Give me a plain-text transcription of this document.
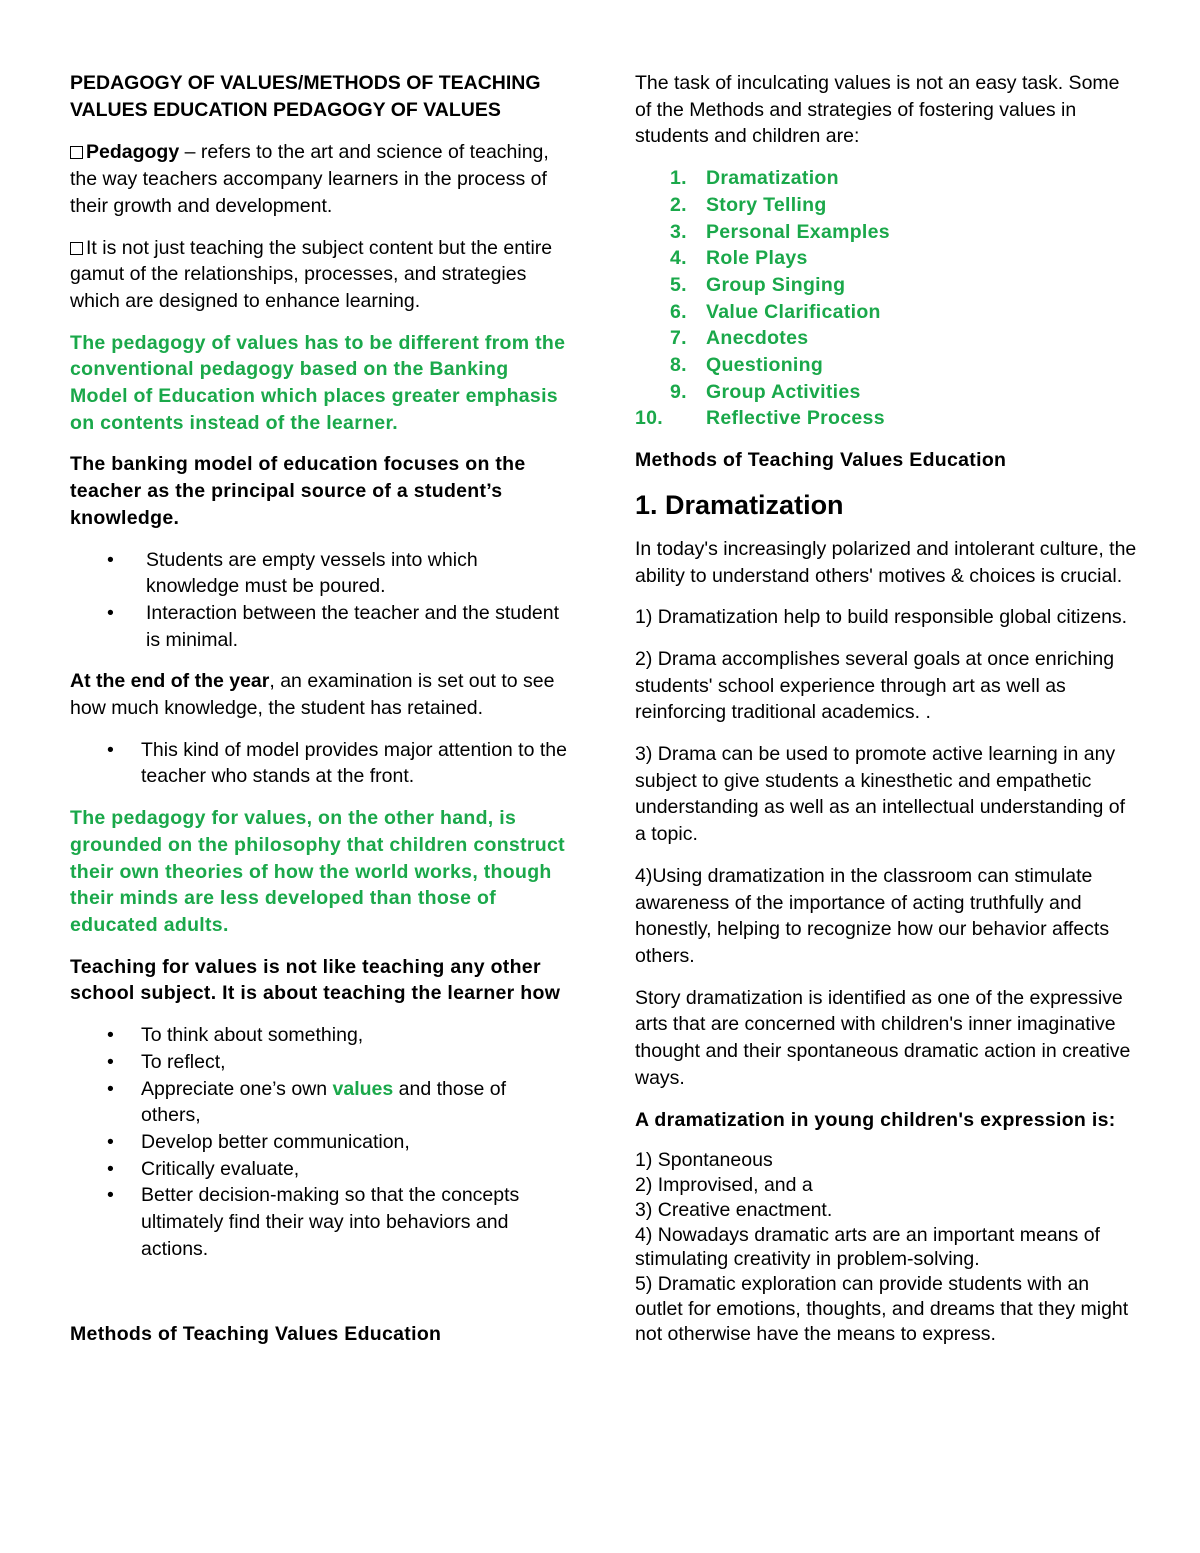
PEDAGOGY OF VALUES/METHODS OF TEACHING VALUES EDUCATION PEDAGOGY OF VALUES

Pedagogy – refers to the art and science of teaching, the way teachers accompany learners in the process of their growth and development.

It is not just teaching the subject content but the entire gamut of the relationships, processes, and strategies which are designed to enhance learning.

The pedagogy of values has to be different from the conventional pedagogy based on the Banking Model of Education which places greater emphasis on contents instead of the learner.

The banking model of education focuses on the teacher as the principal source of a student’s knowledge.

• Students are empty vessels into which knowledge must be poured.
• Interaction between the teacher and the student is minimal.

At the end of the year, an examination is set out to see how much knowledge, the student has retained.

• This kind of model provides major attention to the teacher who stands at the front.

The pedagogy for values, on the other hand, is grounded on the philosophy that children construct their own theories of how the world works, though their minds are less developed than those of educated adults.

Teaching for values is not like teaching any other school subject. It is about teaching the learner how

• To think about something,
• To reflect,
• Appreciate one’s own values and those of others,
• Develop better communication,
• Critically evaluate,
• Better decision-making so that the concepts ultimately find their way into behaviors and actions.

Methods of Teaching Values Education

The task of inculcating values is not an easy task. Some of the Methods and strategies of fostering values in students and children are:

1. Dramatization
2. Story Telling
3. Personal Examples
4. Role Plays
5. Group Singing
6. Value Clarification
7. Anecdotes
8. Questioning
9. Group Activities
10. Reflective Process

Methods of Teaching Values Education

1. Dramatization

In today's increasingly polarized and intolerant culture, the ability to understand others' motives & choices is crucial.

1) Dramatization help to build responsible global citizens.

2) Drama accomplishes several goals at once enriching students' school experience through art as well as reinforcing traditional academics. .

3) Drama can be used to promote active learning in any subject to give students a kinesthetic and empathetic understanding as well as an intellectual understanding of a topic.

4)Using dramatization in the classroom can stimulate awareness of the importance of acting truthfully and honestly, helping to recognize how our behavior affects others.

Story dramatization is identified as one of the expressive arts that are concerned with children's inner imaginative thought and their spontaneous dramatic action in creative ways.

A dramatization in young children's expression is:

1) Spontaneous

2) Improvised, and a

3) Creative enactment.

4) Nowadays dramatic arts are an important means of stimulating creativity in problem-solving.

5) Dramatic exploration can provide students with an outlet for emotions, thoughts, and dreams that they might not otherwise have the means to express.
